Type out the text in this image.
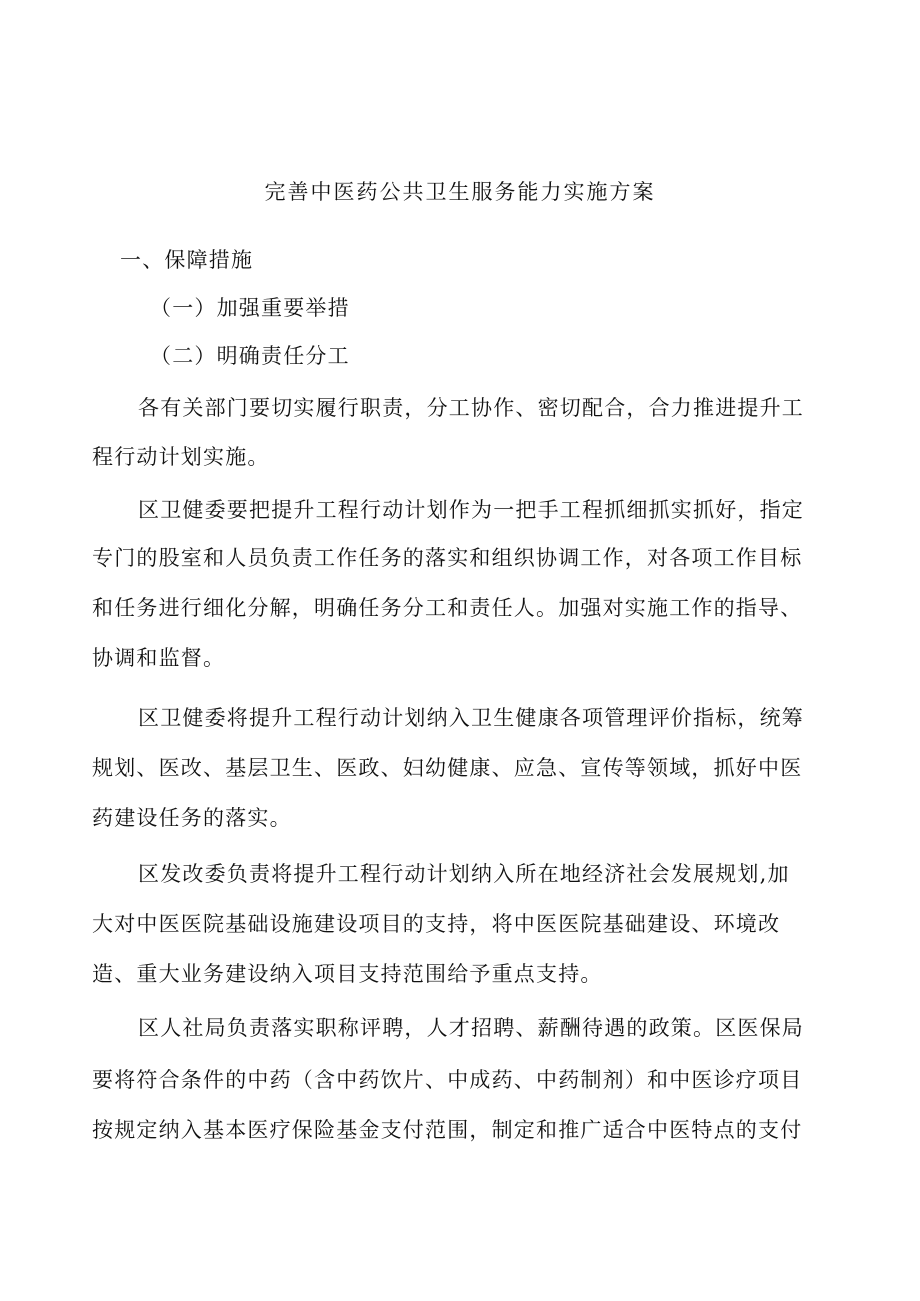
完善中医药公共卫生服务能力实施方案
一、保障措施
（一）加强重要举措
（二）明确责任分工
各有关部门要切实履行职责，分工协作、密切配合，合力推进提升工
程行动计划实施。
区卫健委要把提升工程行动计划作为一把手工程抓细抓实抓好，指定
专门的股室和人员负责工作任务的落实和组织协调工作，对各项工作目标
和任务进行细化分解，明确任务分工和责任人。加强对实施工作的指导、
协调和监督。
区卫健委将提升工程行动计划纳入卫生健康各项管理评价指标，统筹
规划、医改、基层卫生、医政、妇幼健康、应急、宣传等领域，抓好中医
药建设任务的落实。
区发改委负责将提升工程行动计划纳入所在地经济社会发展规划,加
大对中医医院基础设施建设项目的支持，将中医医院基础建设、环境改
造、重大业务建设纳入项目支持范围给予重点支持。
区人社局负责落实职称评聘，人才招聘、薪酬待遇的政策。区医保局
要将符合条件的中药（含中药饮片、中成药、中药制剂）和中医诊疗项目
按规定纳入基本医疗保险基金支付范围，制定和推广适合中医特点的支付
